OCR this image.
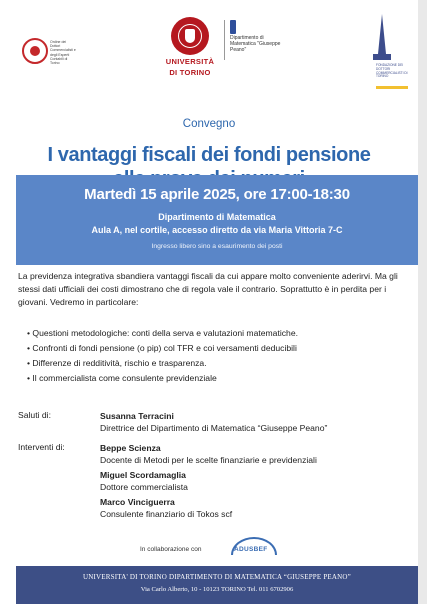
Ordine dei Dottori Commercialisti e degli Esperti Contabili di Torino	UNIVERSITÀ
DI TORINO
Dipartimento di Matematica "Giuseppe Peano"
FONDAZIONE DEI DOTTORI COMMERCIALISTI DI TORINO
Convegno
I vantaggi fiscali dei fondi pensione
Martedì 15 aprile 2025, ore 17:00-18:30
Dipartimento di Matematica
Aula A, nel cortile, accesso diretto da via Maria Vittoria 7-C
Ingresso libero sino a esaurimento dei posti
La previdenza integrativa sbandiera vantaggi fiscali da cui appare molto conveniente aderirvi. Ma gli stessi dati ufficiali dei costi dimostrano che di regola vale il contrario. Soprattutto è in perdita per i giovani. Vedremo in particolare:
• Questioni metodologiche: conti della serva e valutazioni matematiche.
• Confronti di fondi pensione (o pip) col TFR e coi versamenti deducibili
• Differenze di redditività, rischio e trasparenza.
• Il commercialista come consulente previdenziale
Saluti di:	Susanna Terracini
Direttrice del Dipartimento di Matematica “Giuseppe Peano”
Interventi di:	Beppe Scienza
Docente di Metodi per le scelte finanziarie e previdenziali
Miguel Scordamaglia
Dottore commercialista
Marco Vinciguerra
Consulente finanziario di Tokos scf
In collaborazione con	ADUSBEF
UNIVERSITA' DI TORINO DIPARTIMENTO DI MATEMATICA “GIUSEPPE PEANO”
Via Carlo Alberto, 10 - 10123 TORINO Tel. 011 6702906
